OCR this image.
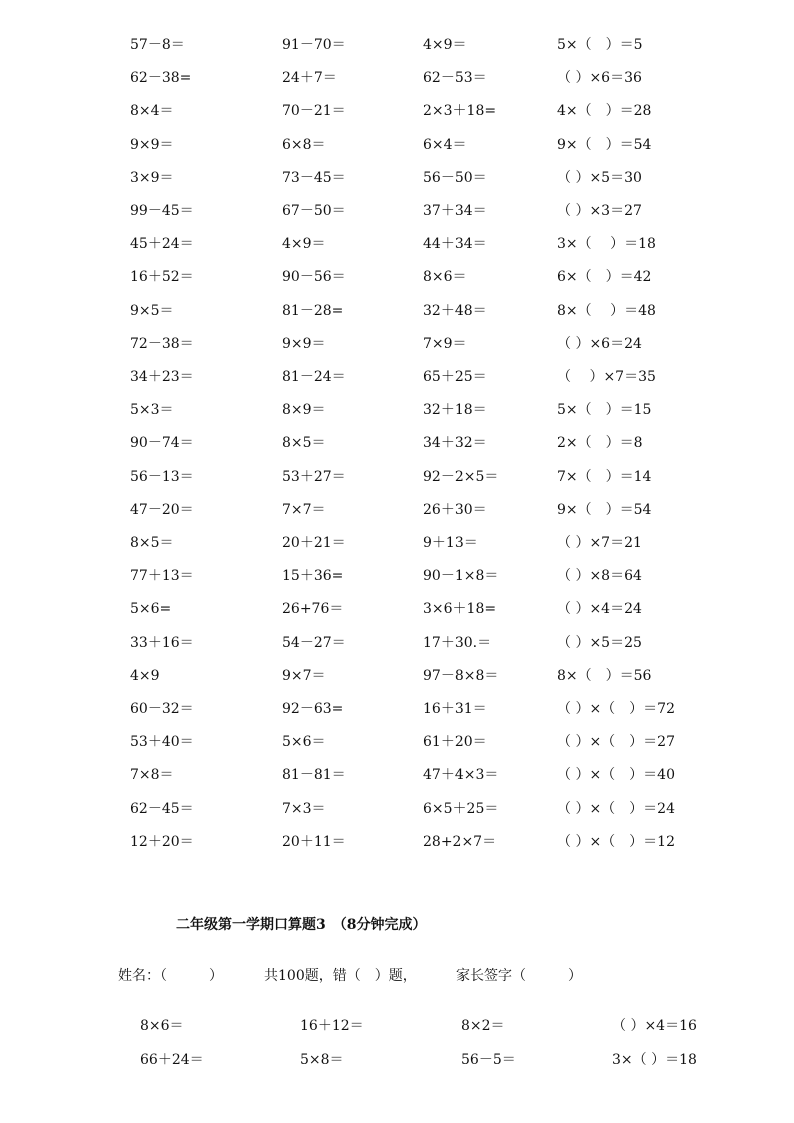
57－8＝	91－70＝	4×9＝	5×（　）＝5
62－38=	24＋7＝	62－53＝	（ ）×6＝36
8×4＝	70－21＝	2×3＋18=	4×（　）＝28
9×9＝	6×8＝	6×4＝	9×（　）＝54
3×9＝	73－45＝	56－50＝	（ ）×5＝30
99－45＝	67－50＝	37＋34＝	（ ）×3＝27
45＋24＝	4×9＝	44＋34＝	3×（　 ）＝18
16＋52＝	90－56＝	8×6＝	6×（　）＝42
9×5＝	81－28=	32＋48＝	8×（　 ）＝48
72－38＝	9×9＝	7×9＝	（ ）×6＝24
34＋23＝	81－24＝	65＋25＝	（　 ）×7＝35
5×3＝	8×9＝	32＋18＝	5×（　）＝15
90－74＝	8×5＝	34＋32＝	2×（　）＝8
56－13＝	53＋27＝	92－2×5＝	7×（　）＝14
47－20＝	7×7＝	26＋30＝	9×（　）＝54
8×5＝	20＋21＝	9＋13＝	（ ）×7＝21
77＋13＝	15＋36=	90－1×8＝	（ ）×8＝64
5×6=	26+76＝	3×6＋18=	（ ）×4＝24
33＋16＝	54－27＝	17＋30.＝	（ ）×5＝25
4×9	9×7＝	97－8×8＝	8×（　）＝56
60－32＝	92－63=	16＋31＝	（ ）×（　）＝72
53＋40＝	5×6＝	61＋20＝	（ ）×（　）＝27
7×8＝	81－81＝	47＋4×3＝	（ ）×（　）＝40
62－45＝	7×3＝	6×5＋25＝	（ ）×（　）＝24
12＋20＝	20＋11＝	28+2×7＝	（ ）×（　）＝12
二年级第一学期口算题3　（8分钟完成）

姓名：（　　　）

	共100题，错（　）题，

	家长签字（　　　）

8×6＝	16＋12＝	8×2＝	（ ）×4＝16
66＋24＝	5×8＝	56－5＝	3×（ ）＝18
